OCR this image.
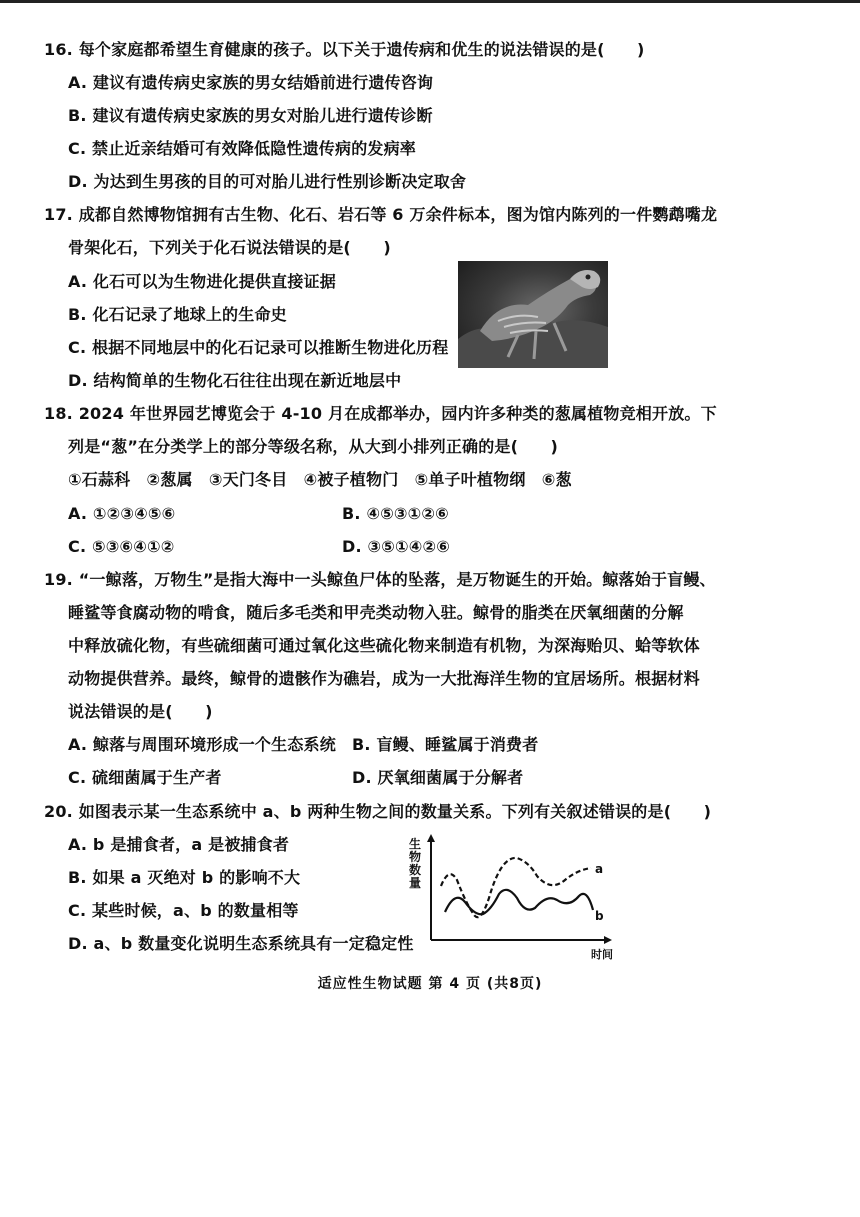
16. 每个家庭都希望生育健康的孩子。以下关于遗传病和优生的说法错误的是(　　)
A. 建议有遗传病史家族的男女结婚前进行遗传咨询
B. 建议有遗传病史家族的男女对胎儿进行遗传诊断
C. 禁止近亲结婚可有效降低隐性遗传病的发病率
D. 为达到生男孩的目的可对胎儿进行性别诊断决定取舍
17. 成都自然博物馆拥有古生物、化石、岩石等 6 万余件标本，图为馆内陈列的一件鹦鹉嘴龙
骨架化石，下列关于化石说法错误的是(　　)
A. 化石可以为生物进化提供直接证据
B. 化石记录了地球上的生命史
C. 根据不同地层中的化石记录可以推断生物进化历程
D. 结构简单的生物化石往往出现在新近地层中
18. 2024 年世界园艺博览会于 4-10 月在成都举办，园内许多种类的葱属植物竞相开放。下
列是“葱”在分类学上的部分等级名称，从大到小排列正确的是(　　)
①石蒜科　②葱属　③天门冬目　④被子植物门　⑤单子叶植物纲　⑥葱
A. ①②③④⑤⑥	B. ④⑤③①②⑥
C. ⑤③⑥④①②	D. ③⑤①④②⑥
19. “一鲸落，万物生”是指大海中一头鲸鱼尸体的坠落，是万物诞生的开始。鲸落始于盲鳗、
睡鲨等食腐动物的啃食，随后多毛类和甲壳类动物入驻。鲸骨的脂类在厌氧细菌的分解
中释放硫化物，有些硫细菌可通过氧化这些硫化物来制造有机物，为深海贻贝、蛤等软体
动物提供营养。最终，鲸骨的遗骸作为礁岩，成为一大批海洋生物的宜居场所。根据材料
说法错误的是(　　)
A. 鲸落与周围环境形成一个生态系统 B. 盲鳗、睡鲨属于消费者
C. 硫细菌属于生产者	D. 厌氧细菌属于分解者
20. 如图表示某一生态系统中 a、b 两种生物之间的数量关系。下列有关叙述错误的是(　　)
A. b 是捕食者，a 是被捕食者
B. 如果 a 灭绝对 b 的影响不大
C. 某些时候，a、b 的数量相等
D. a、b 数量变化说明生态系统具有一定稳定性
生物数量
a
b
时间
适应性生物试题 第 4 页 (共8页)
